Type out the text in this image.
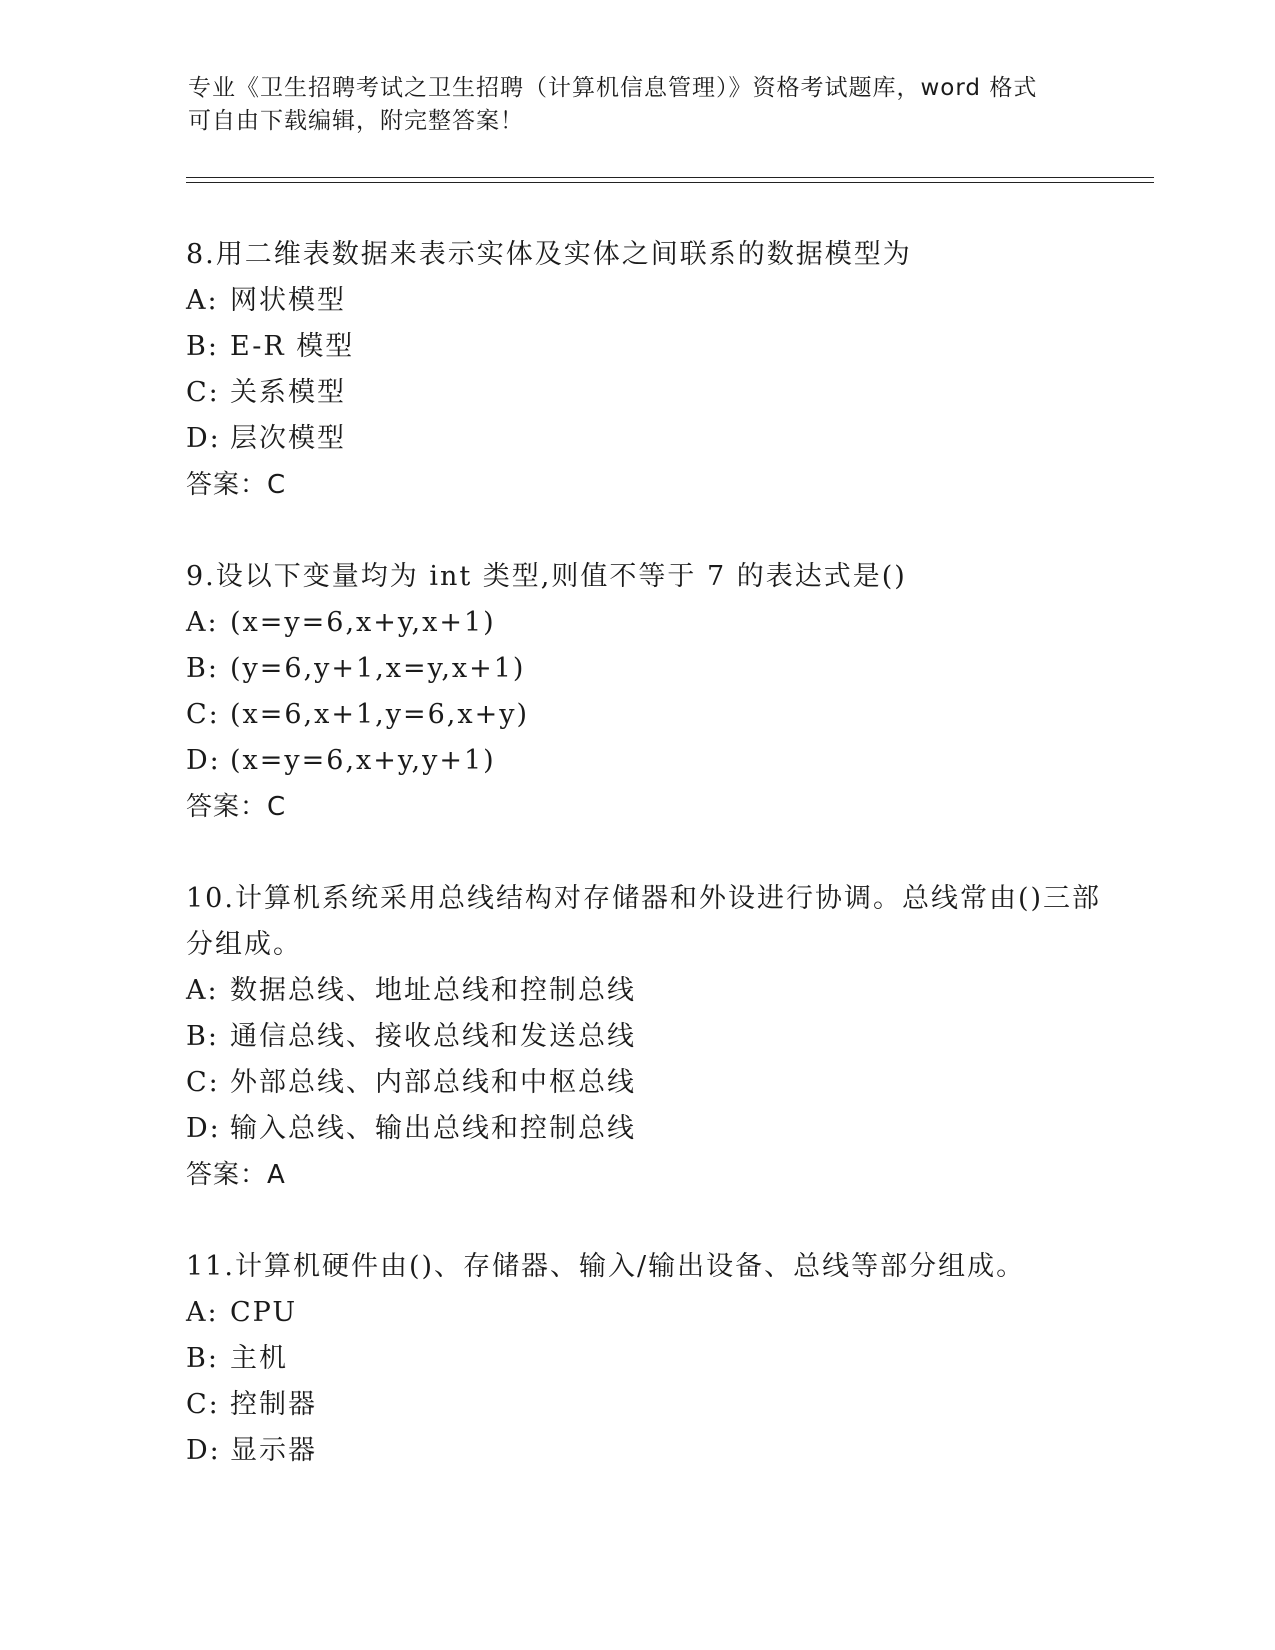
专业《卫生招聘考试之卫生招聘（计算机信息管理）》资格考试题库，word 格式
可自由下载编辑，附完整答案！
8.用二维表数据来表示实体及实体之间联系的数据模型为
A: 网状模型
B: E-R 模型
C: 关系模型
D: 层次模型
答案：C
9.设以下变量均为 int 类型,则值不等于 7 的表达式是()
A: (x=y=6,x+y,x+1)
B: (y=6,y+1,x=y,x+1)
C: (x=6,x+1,y=6,x+y)
D: (x=y=6,x+y,y+1)
答案：C
10.计算机系统采用总线结构对存储器和外设进行协调。总线常由()三部分组成。
A: 数据总线、地址总线和控制总线
B: 通信总线、接收总线和发送总线
C: 外部总线、内部总线和中枢总线
D: 输入总线、输出总线和控制总线
答案：A
11.计算机硬件由()、存储器、输入/输出设备、总线等部分组成。
A: CPU
B: 主机
C: 控制器
D: 显示器
